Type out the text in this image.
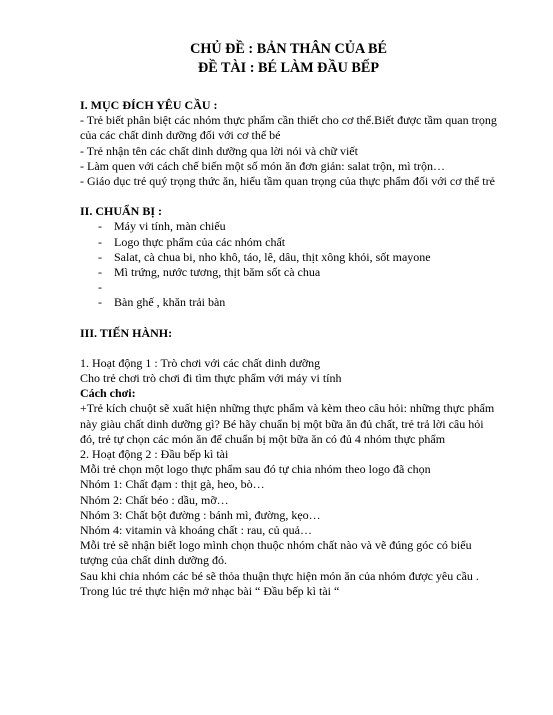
CHỦ ĐỀ : BẢN THÂN CỦA BÉ
ĐỀ TÀI : BÉ LÀM ĐẦU BẾP

I. MỤC ĐÍCH YÊU CẦU :

- Trẻ biết phân biệt các nhóm thực phẩm cần thiết cho cơ thể.Biết được tầm quan trọng của các chất dinh dưỡng đối với cơ thể bé

- Trẻ nhận tên các chất dinh dưỡng qua lời nói và chữ viết

- Làm quen với cách chế biến một số món ăn đơn giản: salat trộn, mì trộn…

- Giáo dục trẻ quý trọng thức ăn, hiểu tầm quan trọng của thực phẩm đối với cơ thể trẻ

II. CHUẨN BỊ :

- Máy vi tính, màn chiếu
- Logo thực phẩm của các nhóm chất
- Salat, cà chua bi, nho khô, táo, lê, dâu, thịt xông khói, sốt mayone
- Mì trứng, nước tương, thịt băm sốt cà chua
-
- Bàn ghế , khăn trải bàn

III. TIẾN HÀNH:

1. Hoạt động 1 : Trò chơi với các chất dinh dưỡng

Cho trẻ chơi trò chơi đi tìm thực phẩm với máy vi tính

Cách chơi:

+Trẻ kích chuột sẽ xuất hiện những thực phẩm và kèm theo câu hỏi: những thực phẩm này giàu chất dinh dưỡng gì? Bé hãy chuẩn bị một bữa ăn đủ chất, trẻ trả lời câu hỏi đó, trẻ tự chọn các món ăn để chuẩn bị một bữa ăn có đủ 4 nhóm thực phẩm

2. Hoạt động 2 : Đầu bếp kì tài

Mỗi trẻ chọn một logo thực phẩm sau đó tự chia nhóm theo logo đã chọn

Nhóm 1: Chất đạm : thịt gà, heo, bò…

Nhóm 2: Chất béo : dầu, mỡ…

Nhóm 3: Chất bột đường : bánh mì, đường, kẹo…

Nhóm 4: vitamin và khoáng chất : rau, củ quả…

Mỗi trẻ sẽ nhận biết logo mình chọn thuộc nhóm chất nào và vẽ đúng góc có biểu tượng của chất dinh dưỡng đó.

Sau khi chia nhóm các bé sẽ thỏa thuận thực hiện món ăn của nhóm được yêu cầu .

Trong lúc trẻ thực hiện mở nhạc bài “ Đầu bếp kì tài “
